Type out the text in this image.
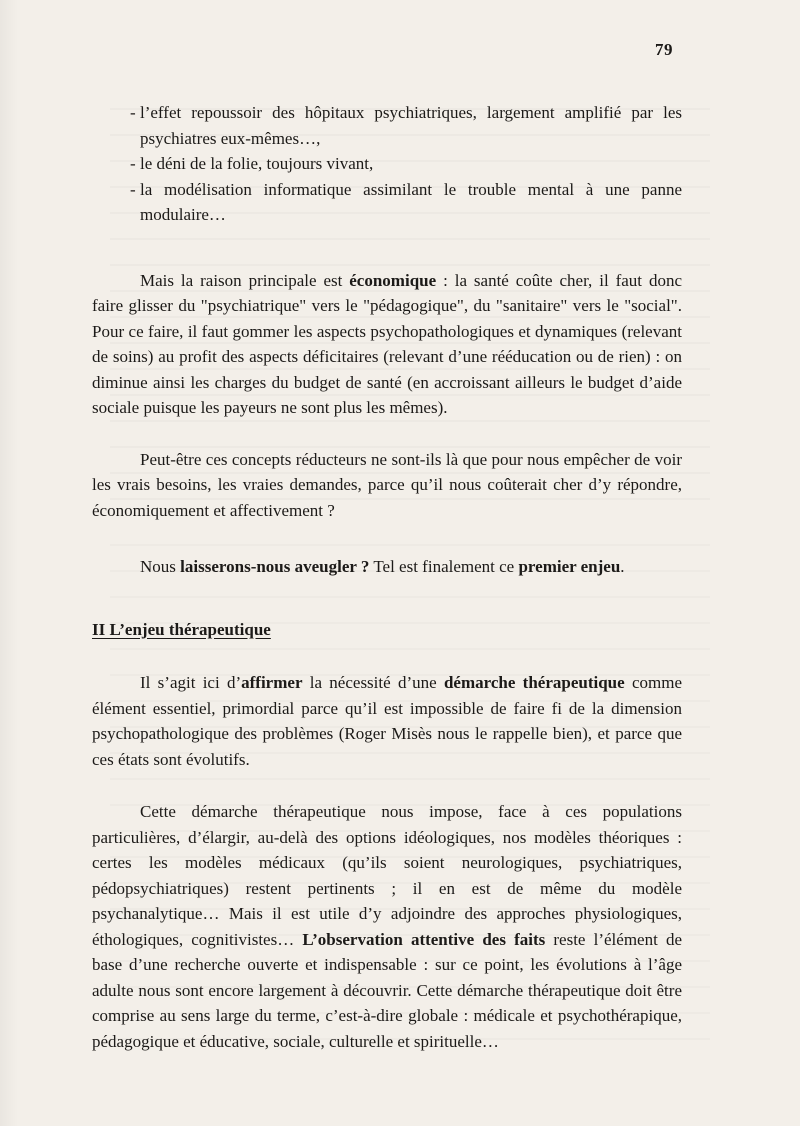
79
- l’effet repoussoir des hôpitaux psychiatriques, largement amplifié par les psychiatres eux-mêmes…,
- le déni de la folie, toujours vivant,
- la modélisation informatique assimilant le trouble mental à une panne modulaire…

Mais la raison principale est économique : la santé coûte cher, il faut donc faire glisser du "psychiatrique" vers le "pédagogique", du "sanitaire" vers le "social". Pour ce faire, il faut gommer les aspects psychopathologiques et dynamiques (relevant de soins) au profit des aspects déficitaires (relevant d’une rééducation ou de rien) : on diminue ainsi les charges du budget de santé (en accroissant ailleurs le budget d’aide sociale puisque les payeurs ne sont plus les mêmes).

Peut-être ces concepts réducteurs ne sont-ils là que pour nous empêcher de voir les vrais besoins, les vraies demandes, parce qu’il nous coûterait cher d’y répondre, économiquement et affectivement ?

Nous laisserons-nous aveugler ? Tel est finalement ce premier enjeu.

II L’enjeu thérapeutique

Il s’agit ici d’affirmer la nécessité d’une démarche thérapeutique comme élément essentiel, primordial parce qu’il est impossible de faire fi de la dimension psychopathologique des problèmes (Roger Misès nous le rappelle bien), et parce que ces états sont évolutifs.

Cette démarche thérapeutique nous impose, face à ces populations particulières, d’élargir, au-delà des options idéologiques, nos modèles théoriques : certes les modèles médicaux (qu’ils soient neurologiques, psychiatriques, pédopsychiatriques) restent pertinents ; il en est de même du modèle psychanalytique… Mais il est utile d’y adjoindre des approches physiologiques, éthologiques, cognitivistes… L’observation attentive des faits reste l’élément de base d’une recherche ouverte et indispensable : sur ce point, les évolutions à l’âge adulte nous sont encore largement à découvrir. Cette démarche thérapeutique doit être comprise au sens large du terme, c’est-à-dire globale : médicale et psychothérapique, pédagogique et éducative, sociale, culturelle et spirituelle…
